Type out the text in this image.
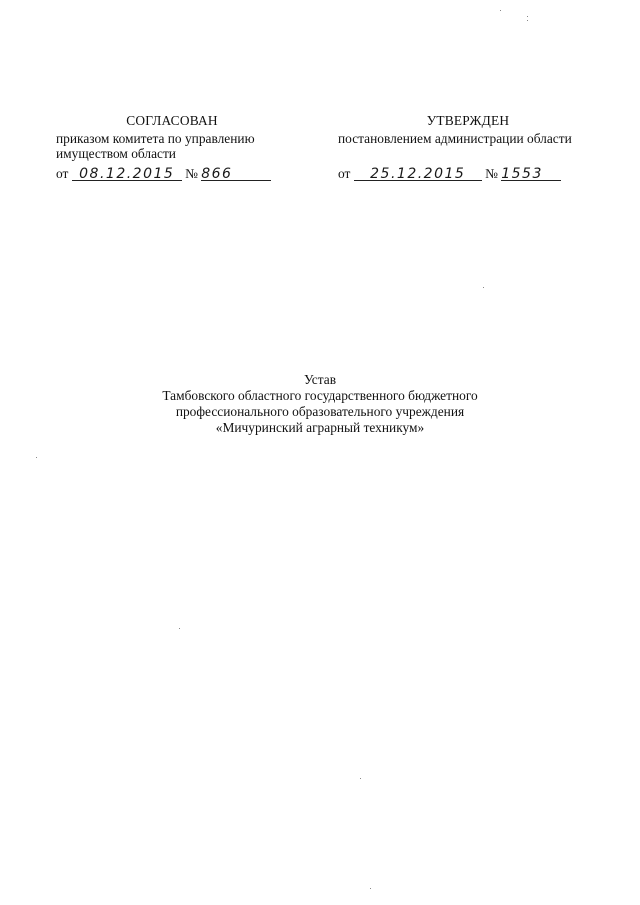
СОГЛАСОВАН
приказом комитета по управлению
имуществом области
от 08.12.2015 № 866
УТВЕРЖДЕН
постановлением администрации области
от 25.12.2015 № 1553
Устав
Тамбовского областного государственного бюджетного
профессионального образовательного учреждения
«Мичуринский аграрный техникум»
